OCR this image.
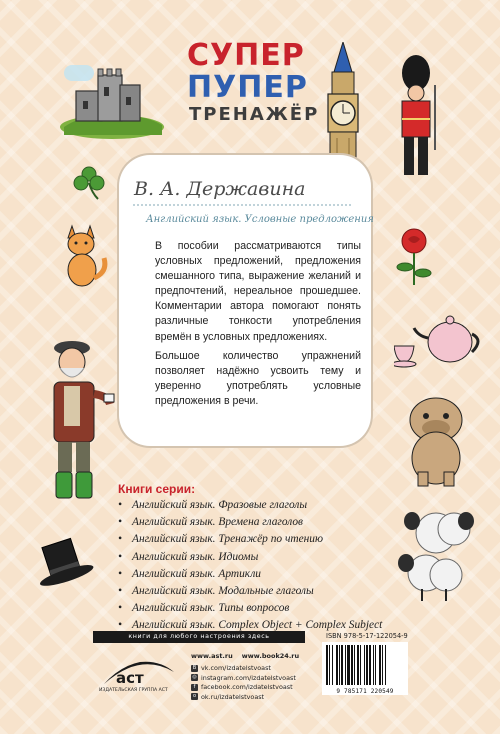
СУПЕР
ПУПЕР
ТРЕНАЖЁР
В. А. Державина
Английский язык. Условные предложения

В пособии рассматриваются типы условных предложений, предложения смешанного типа, выражение желаний и предпочтений, нереальное прошедшее. Комментарии автора помогают понять различные тонкости употребления времён в условных предложениях.

Большое количество упражнений позволяет надёжно усвоить тему и уверенно употреблять условные предложения в речи.

Книги серии:
• Английский язык. Фразовые глаголы
• Английский язык. Времена глаголов
• Английский язык. Тренажёр по чтению
• Английский язык. Идиомы
• Английский язык. Артикли
• Английский язык. Модальные глаголы
• Английский язык. Типы вопросов
• Английский язык. Complex Object + Complex Subject
книги для любого настроения здесь	ISBN 978-5-17-122054-9
аст
ИЗДАТЕЛЬСКАЯ ГРУППА АСТ
www.ast.ru www.book24.ru
В vk.com/izdatelstvoast
◎ instagram.com/izdatelstvoast
f facebook.com/izdatelstvoast
о ok.ru/izdatelstvoast
9 785171 220549
